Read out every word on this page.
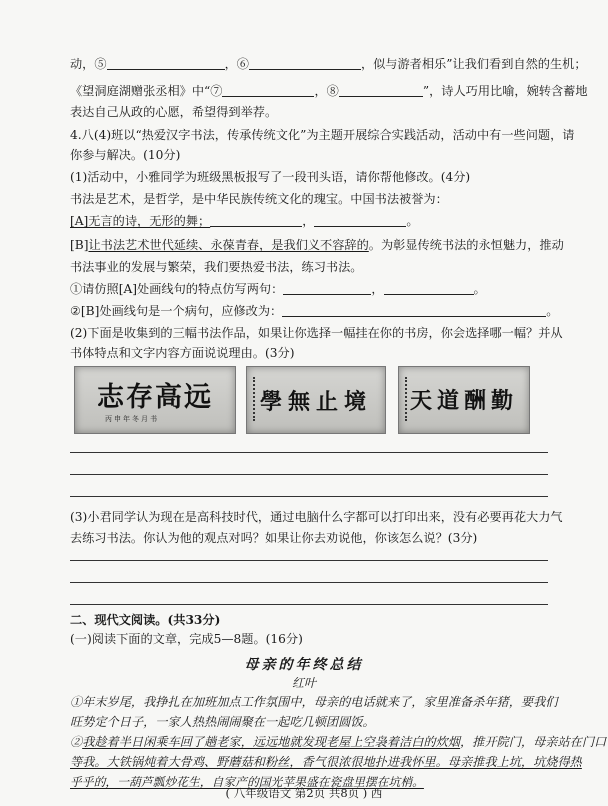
动，⑤	，⑥	，似与游者相乐”让我们看到自然的生机；
《望洞庭湖赠张丞相》中“⑦	，⑧	”，诗人巧用比喻，婉转含蓄地
表达自己从政的心愿，希望得到举荐。
4.八(4)班以“热爱汉字书法，传承传统文化”为主题开展综合实践活动，活动中有一些问题，请
你参与解决。(10分)
(1)活动中，小雅同学为班级黑板报写了一段刊头语，请你帮他修改。(4分)
书法是艺术，是哲学，是中华民族传统文化的瑰宝。中国书法被誉为：
[A]无言的诗，无形的舞；	，	。
[B]让书法艺术世代延续、永葆青春，是我们义不容辞的。为彰显传统书法的永恒魅力，推动
书法事业的发展与繁荣，我们要热爱书法，练习书法。
①请仿照[A]处画线句的特点仿写两句：	，	。
②[B]处画线句是一个病句，应修改为：	。
(2)下面是收集到的三幅书法作品，如果让你选择一幅挂在你的书房，你会选择哪一幅？并从
书体特点和文字内容方面说说理由。(3分)
志存高远
丙申年冬月书
學無止境	天道酬勤
(3)小君同学认为现在是高科技时代，通过电脑什么字都可以打印出来，没有必要再花大力气
去练习书法。你认为他的观点对吗？如果让你去劝说他，你该怎么说？(3分)
二、现代文阅读。(共33分)
(一)阅读下面的文章，完成5—8题。(16分)
母亲的年终总结
红叶
①年末岁尾，我挣扎在加班加点工作氛围中，母亲的电话就来了，家里准备杀年猪，要我们
旺势定个日子，一家人热热闹闹聚在一起吃几顿团圆饭。
②我趁着半日闲乘车回了趟老家，远远地就发现老屋上空袅着洁白的炊烟，推开院门，母亲站在门口
等我。大铁锅炖着大骨鸡、野蘑菇和粉丝，香气很浓很地扑进我怀里。母亲推我上坑，坑烧得热
乎乎的，一葫芦瓢炒花生，自家产的国光苹果盛在瓷盘里摆在坑梢。
( 八年级语文 第2页 共8页 ) 西
